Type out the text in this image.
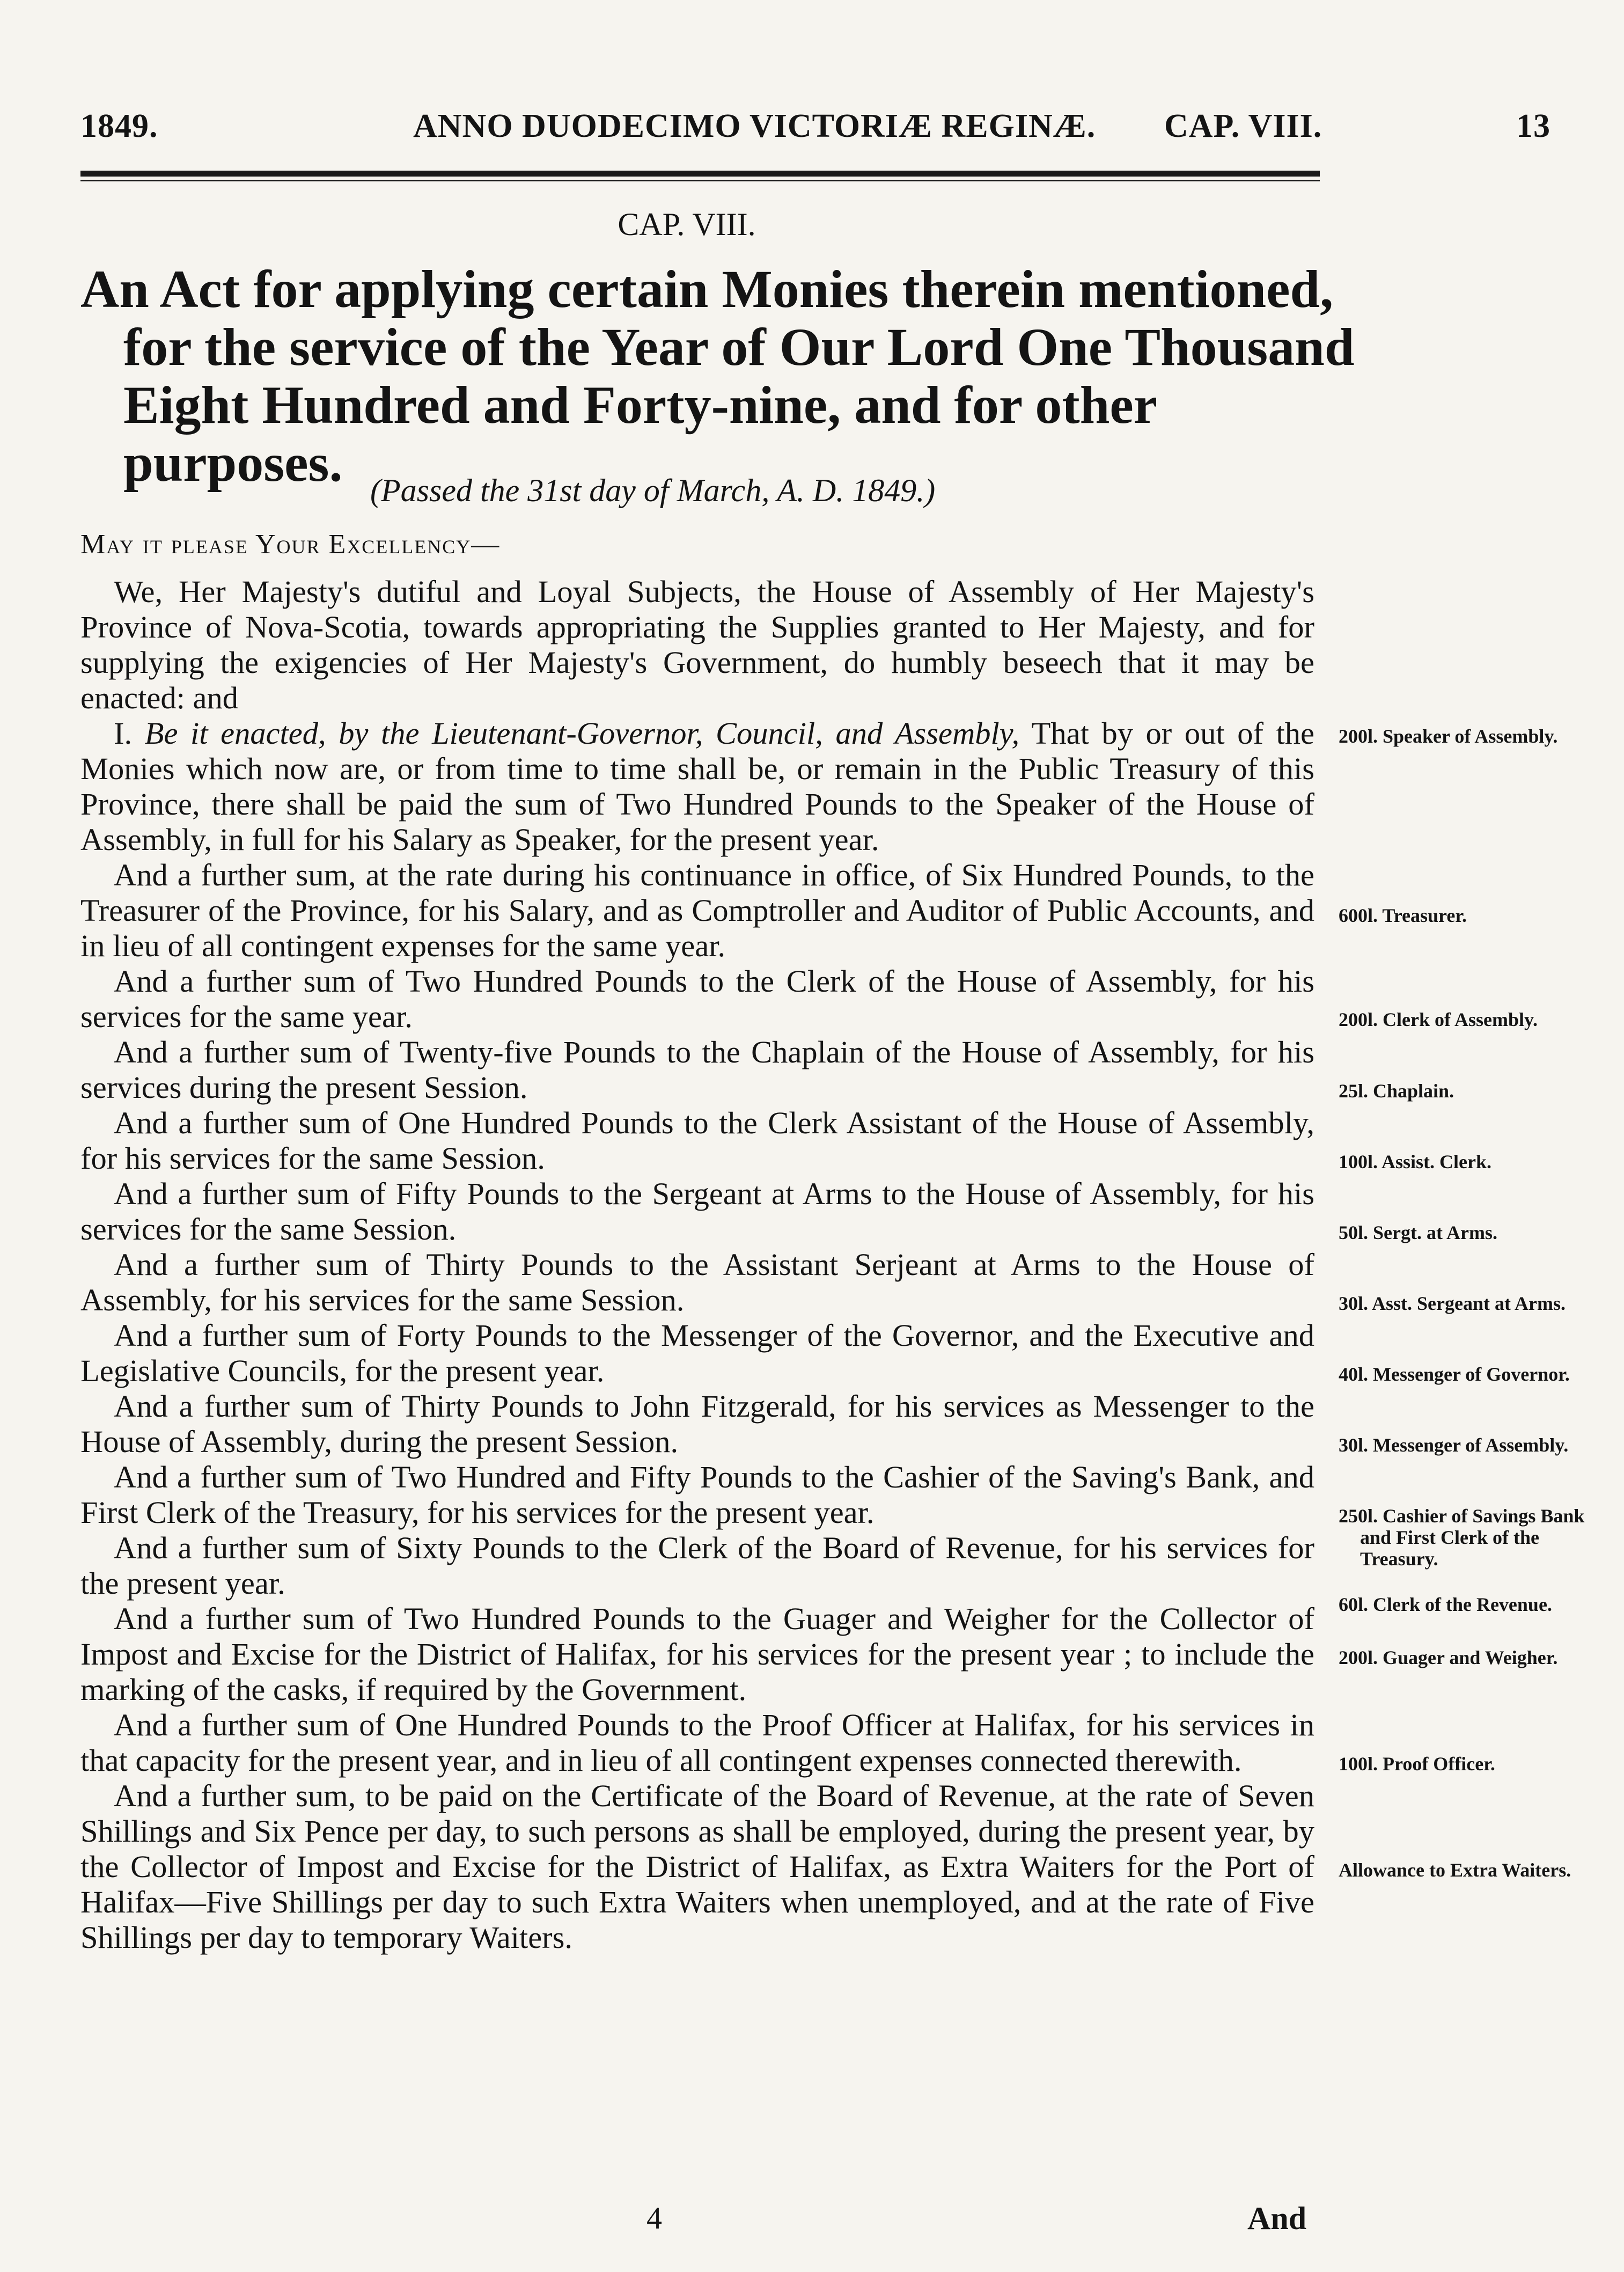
1849.	ANNO DUODECIMO VICTORIÆ REGINÆ. CAP. VIII.	13
CAP. VIII.
An Act for applying certain Monies therein mentioned, for the service of the Year of Our Lord One Thousand Eight Hundred and Forty-nine, and for other purposes. (Passed the 31st day of March, A. D. 1849.)
May it please Your Excellency—

We, Her Majesty's dutiful and Loyal Subjects, the House of Assembly of Her Majesty's Province of Nova-Scotia, towards appropriating the Supplies granted to Her Majesty, and for supplying the exigencies of Her Majesty's Government, do humbly beseech that it may be enacted: and

I. Be it enacted, by the Lieutenant-Governor, Council, and Assembly, That by or out of the Monies which now are, or from time to time shall be, or remain in the Public Treasury of this Province, there shall be paid the sum of Two Hundred Pounds to the Speaker of the House of Assembly, in full for his Salary as Speaker, for the present year.

And a further sum, at the rate during his continuance in office, of Six Hundred Pounds, to the Treasurer of the Province, for his Salary, and as Comptroller and Auditor of Public Accounts, and in lieu of all contingent expenses for the same year.

And a further sum of Two Hundred Pounds to the Clerk of the House of Assembly, for his services for the same year.

And a further sum of Twenty-five Pounds to the Chaplain of the House of Assembly, for his services during the present Session.

And a further sum of One Hundred Pounds to the Clerk Assistant of the House of Assembly, for his services for the same Session.

And a further sum of Fifty Pounds to the Sergeant at Arms to the House of Assembly, for his services for the same Session.

And a further sum of Thirty Pounds to the Assistant Serjeant at Arms to the House of Assembly, for his services for the same Session.

And a further sum of Forty Pounds to the Messenger of the Governor, and the Executive and Legislative Councils, for the present year.

And a further sum of Thirty Pounds to John Fitzgerald, for his services as Messenger to the House of Assembly, during the present Session.

And a further sum of Two Hundred and Fifty Pounds to the Cashier of the Saving's Bank, and First Clerk of the Treasury, for his services for the present year.

And a further sum of Sixty Pounds to the Clerk of the Board of Revenue, for his services for the present year.

And a further sum of Two Hundred Pounds to the Guager and Weigher for the Collector of Impost and Excise for the District of Halifax, for his services for the present year ; to include the marking of the casks, if required by the Government.

And a further sum of One Hundred Pounds to the Proof Officer at Halifax, for his services in that capacity for the present year, and in lieu of all contingent expenses connected therewith.

And a further sum, to be paid on the Certificate of the Board of Revenue, at the rate of Seven Shillings and Six Pence per day, to such persons as shall be employed, during the present year, by the Collector of Impost and Excise for the District of Halifax, as Extra Waiters for the Port of Halifax—Five Shillings per day to such Extra Waiters when unemployed, and at the rate of Five Shillings per day to temporary Waiters.

200l. Speaker of Assembly.
600l. Treasurer.
200l. Clerk of Assembly.
25l. Chaplain.
100l. Assist. Clerk.
50l. Sergt. at Arms.
30l. Asst. Sergeant at Arms.
40l. Messenger of Governor.
30l. Messenger of Assembly.
250l. Cashier of Savings Bank and First Clerk of the Treasury.
60l. Clerk of the Revenue.
200l. Guager and Weigher.
100l. Proof Officer.
Allowance to Extra Waiters.
4	And
